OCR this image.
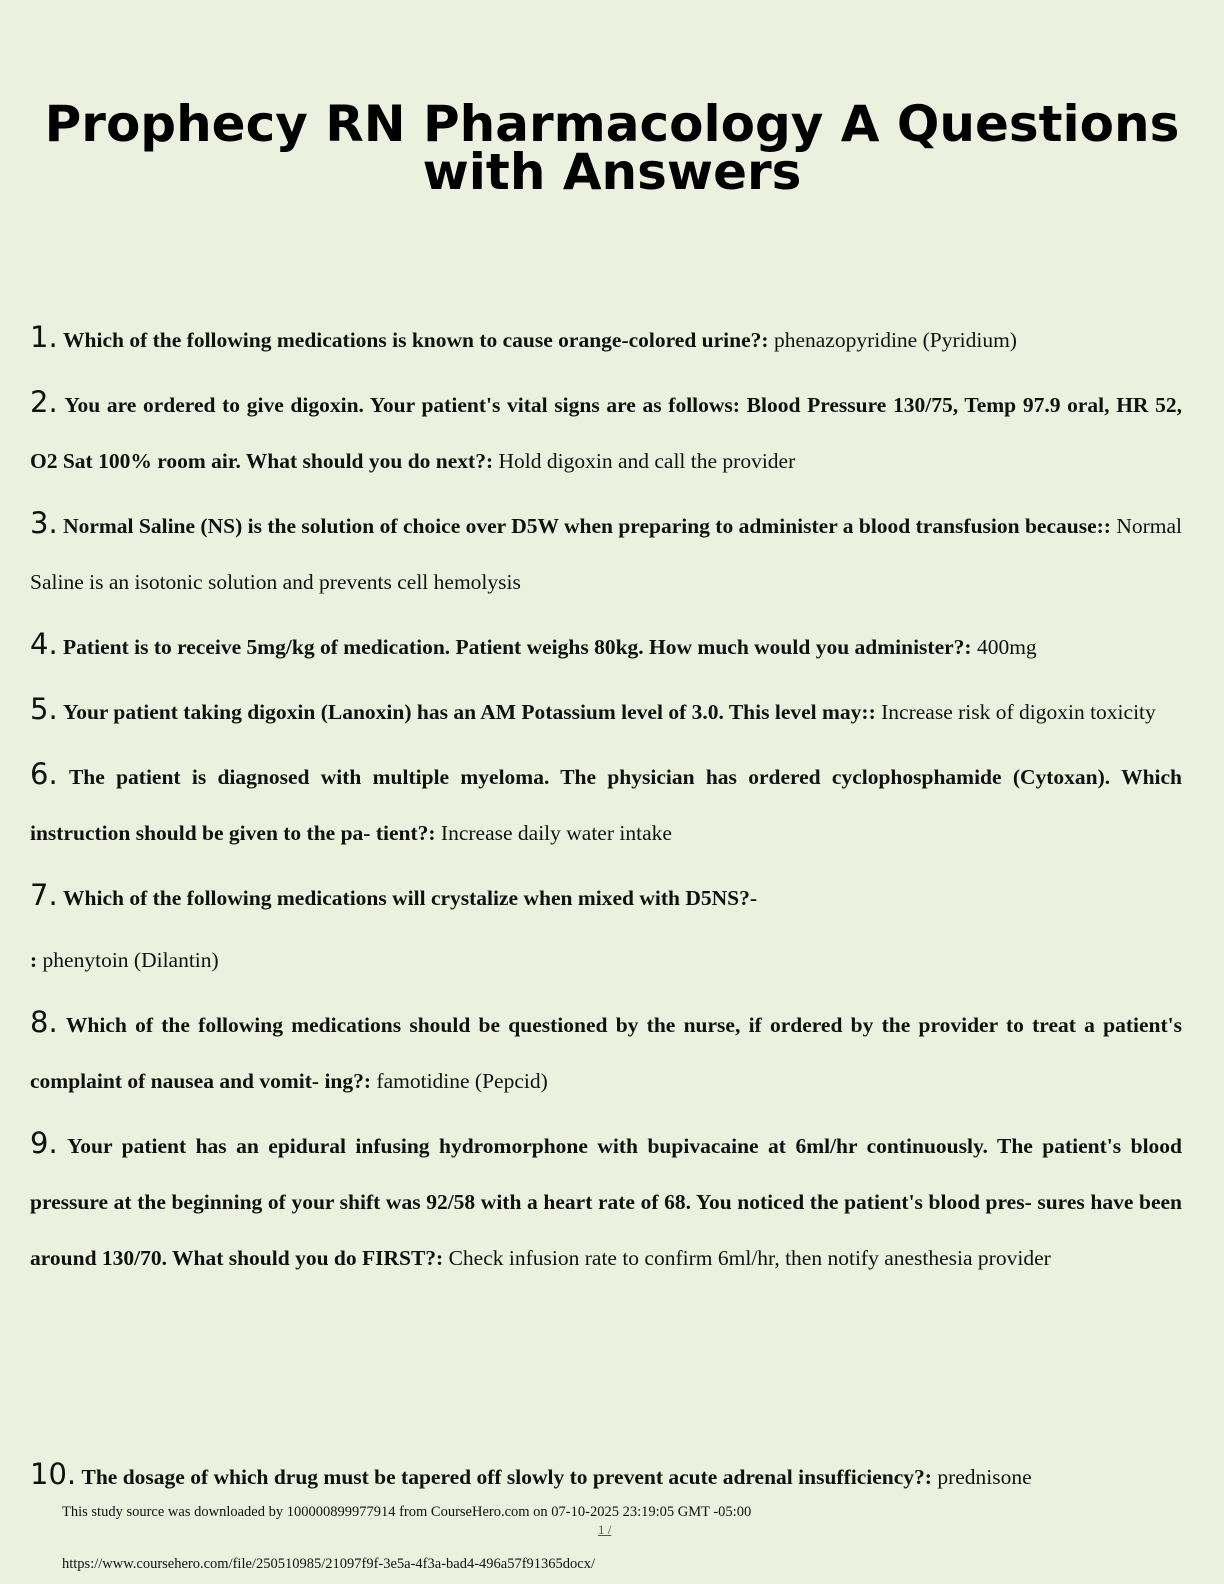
Prophecy RN Pharmacology A Questions with Answers

1. Which of the following medications is known to cause orange-colored urine?: phenazopyridine (Pyridium)

2. You are ordered to give digoxin. Your patient's vital signs are as follows: Blood Pressure 130/75, Temp 97.9 oral, HR 52, O2 Sat 100% room air. What should you do next?: Hold digoxin and call the provider

3. Normal Saline (NS) is the solution of choice over D5W when preparing to administer a blood transfusion because:: Normal Saline is an isotonic solution and prevents cell hemolysis

4. Patient is to receive 5mg/kg of medication. Patient weighs 80kg. How much would you administer?: 400mg

5. Your patient taking digoxin (Lanoxin) has an AM Potassium level of 3.0. This level may:: Increase risk of digoxin toxicity

6. The patient is diagnosed with multiple myeloma. The physician has ordered cyclophosphamide (Cytoxan). Which instruction should be given to the pa- tient?: Increase daily water intake

7. Which of the following medications will crystalize when mixed with D5NS?-

: phenytoin (Dilantin)

8. Which of the following medications should be questioned by the nurse, if ordered by the provider to treat a patient's complaint of nausea and vomit- ing?: famotidine (Pepcid)

9. Your patient has an epidural infusing hydromorphone with bupivacaine at 6ml/hr continuously. The patient's blood pressure at the beginning of your shift was 92/58 with a heart rate of 68. You noticed the patient's blood pres- sures have been around 130/70. What should you do FIRST?: Check infusion rate to confirm 6ml/hr, then notify anesthesia provider

10. The dosage of which drug must be tapered off slowly to prevent acute adrenal insufficiency?: prednisone

This study source was downloaded by 100000899977914 from CourseHero.com on 07-10-2025 23:19:05 GMT -05:00
1 /
https://www.coursehero.com/file/250510985/21097f9f-3e5a-4f3a-bad4-496a57f91365docx/
